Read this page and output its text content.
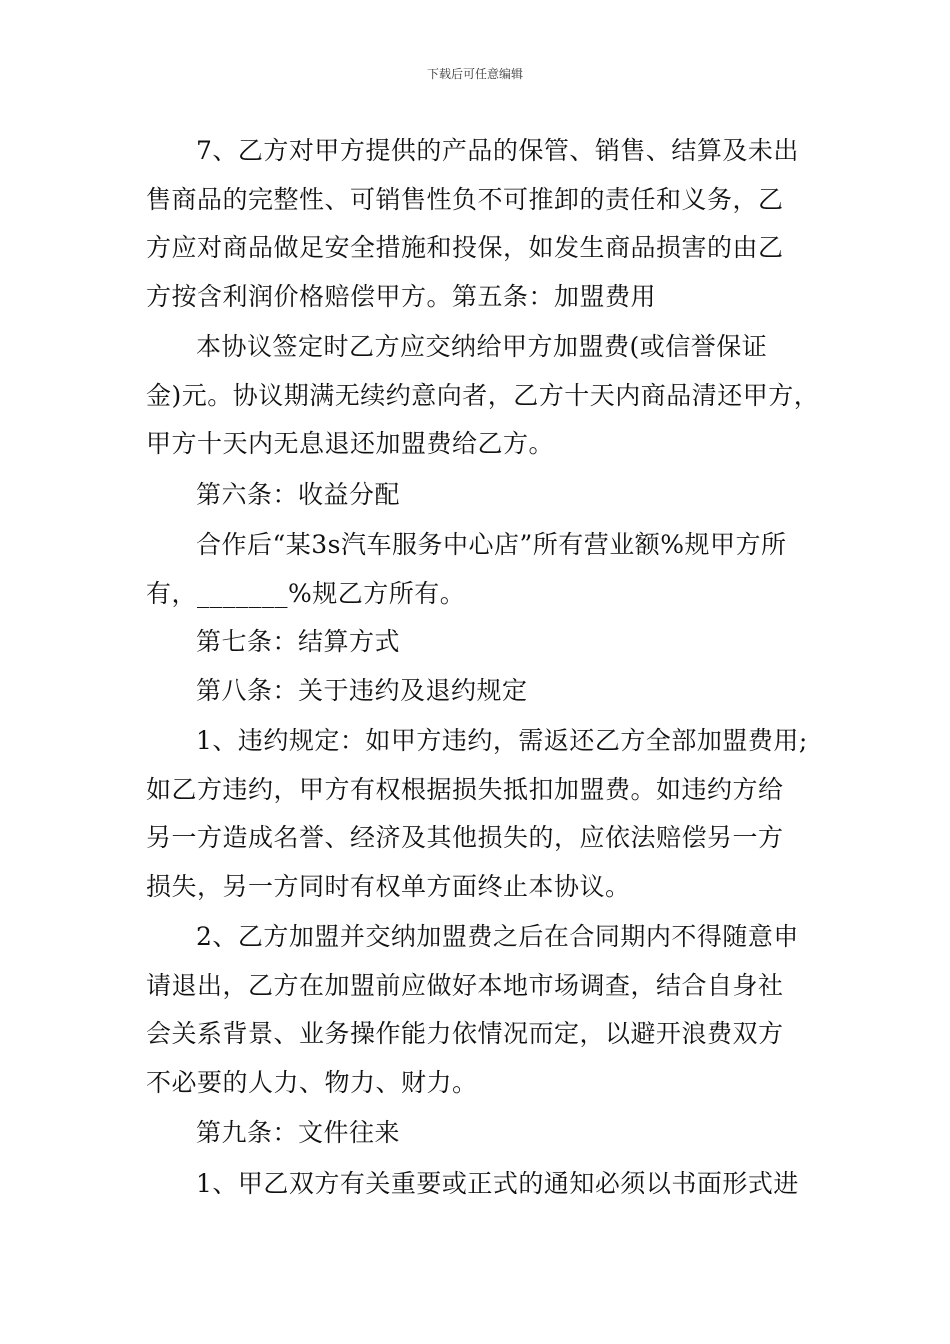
下载后可任意编辑
7、乙方对甲方提供的产品的保管、销售、结算及未出
售商品的完整性、可销售性负不可推卸的责任和义务，乙
方应对商品做足安全措施和投保，如发生商品损害的由乙
方按含利润价格赔偿甲方。第五条：加盟费用
本协议签定时乙方应交纳给甲方加盟费(或信誉保证
金)元。协议期满无续约意向者，乙方十天内商品清还甲方，
甲方十天内无息退还加盟费给乙方。
第六条：收益分配
合作后“某3s汽车服务中心店”所有营业额%规甲方所
有，_______%规乙方所有。
第七条：结算方式
第八条：关于违约及退约规定
1、违约规定：如甲方违约，需返还乙方全部加盟费用;
如乙方违约，甲方有权根据损失抵扣加盟费。如违约方给
另一方造成名誉、经济及其他损失的，应依法赔偿另一方
损失，另一方同时有权单方面终止本协议。
2、乙方加盟并交纳加盟费之后在合同期内不得随意申
请退出，乙方在加盟前应做好本地市场调查，结合自身社
会关系背景、业务操作能力依情况而定，以避开浪费双方
不必要的人力、物力、财力。
第九条：文件往来
1、甲乙双方有关重要或正式的通知必须以书面形式进
